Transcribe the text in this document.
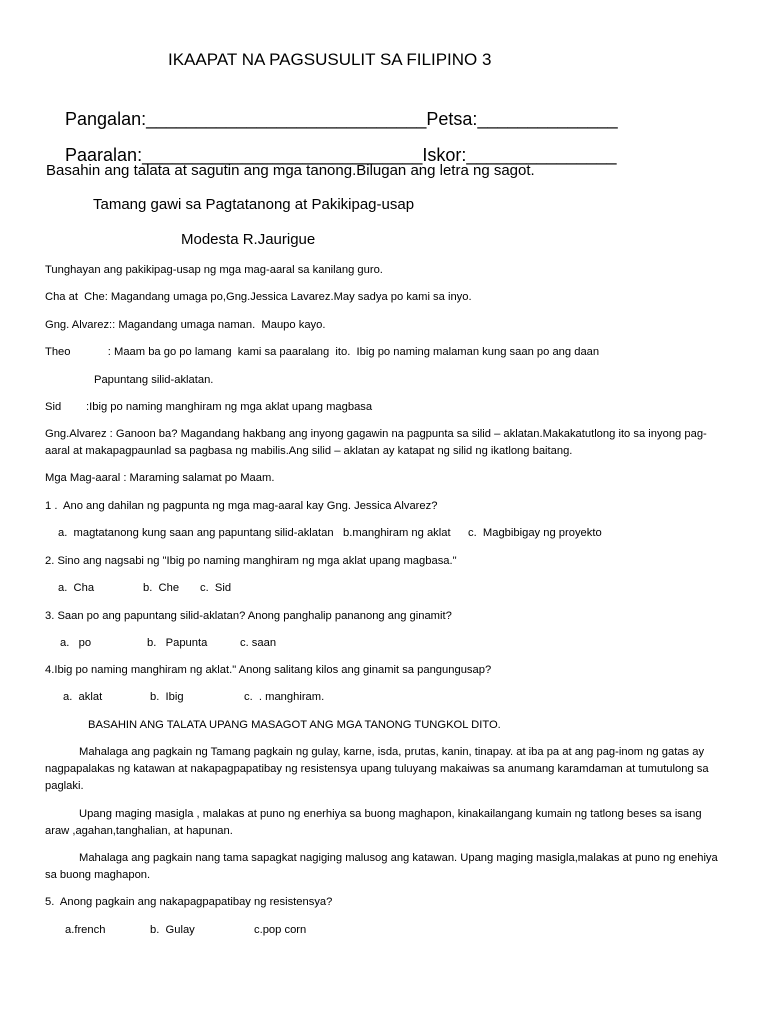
IKAAPAT NA PAGSUSULIT SA FILIPINO 3

Pangalan:____________________________Petsa:______________

Paaralan:____________________________Iskor:_______________

Basahin ang talata at sagutin ang mga tanong.Bilugan ang letra ng sagot.
Tamang gawi sa Pagtatanong at Pakikipag-usap
Modesta R.Jaurigue
Tunghayan ang pakikipag-usap ng mga mag-aaral sa kanilang guro.
Cha at  Che: Magandang umaga po,Gng.Jessica Lavarez.May sadya po kami sa inyo.
Gng. Alvarez:: Magandang umaga naman.  Maupo kayo.
Theo            : Maam ba go po lamang  kami sa paaralang  ito.  Ibig po naming malaman kung saan po ang daan
Papuntang silid-aklatan.
Sid        :Ibig po naming manghiram ng mga aklat upang magbasa
Gng.Alvarez : Ganoon ba? Magandang hakbang ang inyong gagawin na pagpunta sa silid – aklatan.Makakatutlong ito sa inyong pag-
aaral at makapagpaunlad sa pagbasa ng mabilis.Ang silid – aklatan ay katapat ng silid ng ikatlong baitang.
Mga Mag-aaral : Maraming salamat po Maam.
1 .  Ano ang dahilan ng pagpunta ng mga mag-aaral kay Gng. Jessica Alvarez?
a.  magtatanong kung saan ang papuntang silid-aklatan b.manghiram ng aklat c.  Magbibigay ng proyekto
2. Sino ang nagsabi ng "Ibig po naming manghiram ng mga aklat upang magbasa."
a.  Cha	b.  Che c.  Sid
3. Saan po ang papuntang silid-aklatan? Anong panghalip pananong ang ginamit?
a.   po	b.   Papunta	c. saan
4.Ibig po naming manghiram ng aklat." Anong salitang kilos ang ginamit sa pangungusap?
a.  aklat	b.  Ibig	c.  . manghiram.
BASAHIN ANG TALATA UPANG MASAGOT ANG MGA TANONG TUNGKOL DITO.
Mahalaga ang pagkain ng Tamang pagkain ng gulay, karne, isda, prutas, kanin, tinapay. at iba pa at ang pag-inom ng gatas ay nagpapalakas ng katawan at nakapagpapatibay ng resistensya upang tuluyang makaiwas sa anumang karamdaman at tumutulong sa paglaki.
Upang maging masigla , malakas at puno ng enerhiya sa buong maghapon, kinakailangang kumain ng tatlong beses sa isang araw ,agahan,tanghalian, at hapunan.
Mahalaga ang pagkain nang tama sapagkat nagiging malusog ang katawan. Upang maging masigla,malakas at puno ng enehiya sa buong maghapon.
5.  Anong pagkain ang nakapagpapatibay ng resistensya?
a.french	b.  Gulay	c.pop corn
